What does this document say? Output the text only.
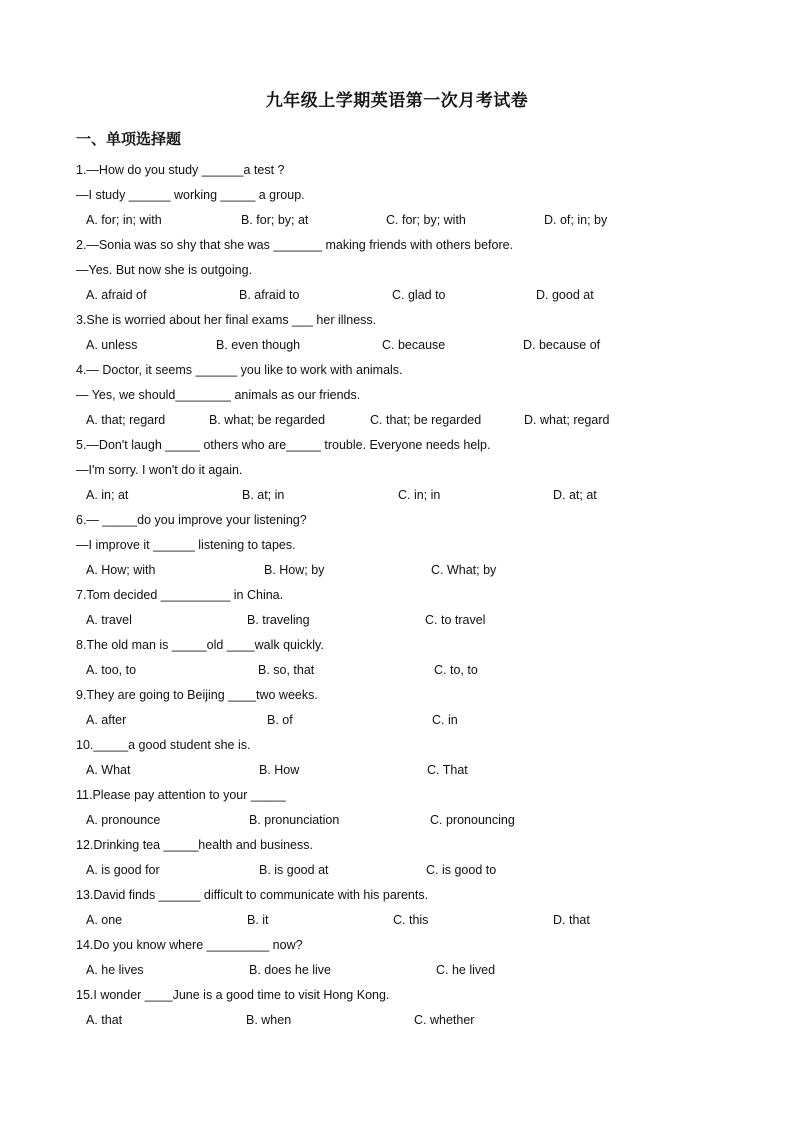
九年级上学期英语第一次月考试卷
一、单项选择题
1.—How do you study ______a test ?
—I study ______ working _____ a group.
A. for; in; with	B. for; by; at	C. for; by; with	D. of; in; by
2.—Sonia was so shy that she was _______ making friends with others before.
—Yes. But now she is outgoing.
A. afraid of	B. afraid to	C. glad to	D. good at
3.She is worried about her final exams ___ her illness.
A. unless	B. even though	C. because	D. because of
4.— Doctor, it seems ______ you like to work with animals.
— Yes, we should________ animals as our friends.
A. that; regard	B. what; be regarded	C. that; be regarded	D. what; regard
5.—Don't laugh _____ others who are_____ trouble. Everyone needs help.
—I'm sorry. I won't do it again.
A. in; at	B. at; in	C. in; in	D. at; at
6.— _____do you improve your listening?
—I improve it ______ listening to tapes.
A. How; with	B. How; by	C. What; by
7.Tom decided __________ in China.
A. travel	B. traveling	C. to travel
8.The old man is _____old ____walk quickly.
A. too, to	B. so, that	C. to, to
9.They are going to Beijing ____two weeks.
A. after	B. of	C. in
10._____a good student she is.
A. What	B. How	C. That
11.Please pay attention to your _____
A. pronounce	B. pronunciation	C. pronouncing
12.Drinking tea _____health and business.
A. is good for	B. is good at	C. is good to
13.David finds ______ difficult to communicate with his parents.
A. one	B. it	C. this	D. that
14.Do you know where _________ now?
A. he lives	B. does he live	C. he lived
15.I wonder ____June is a good time to visit Hong Kong.
A. that	B. when	C. whether
